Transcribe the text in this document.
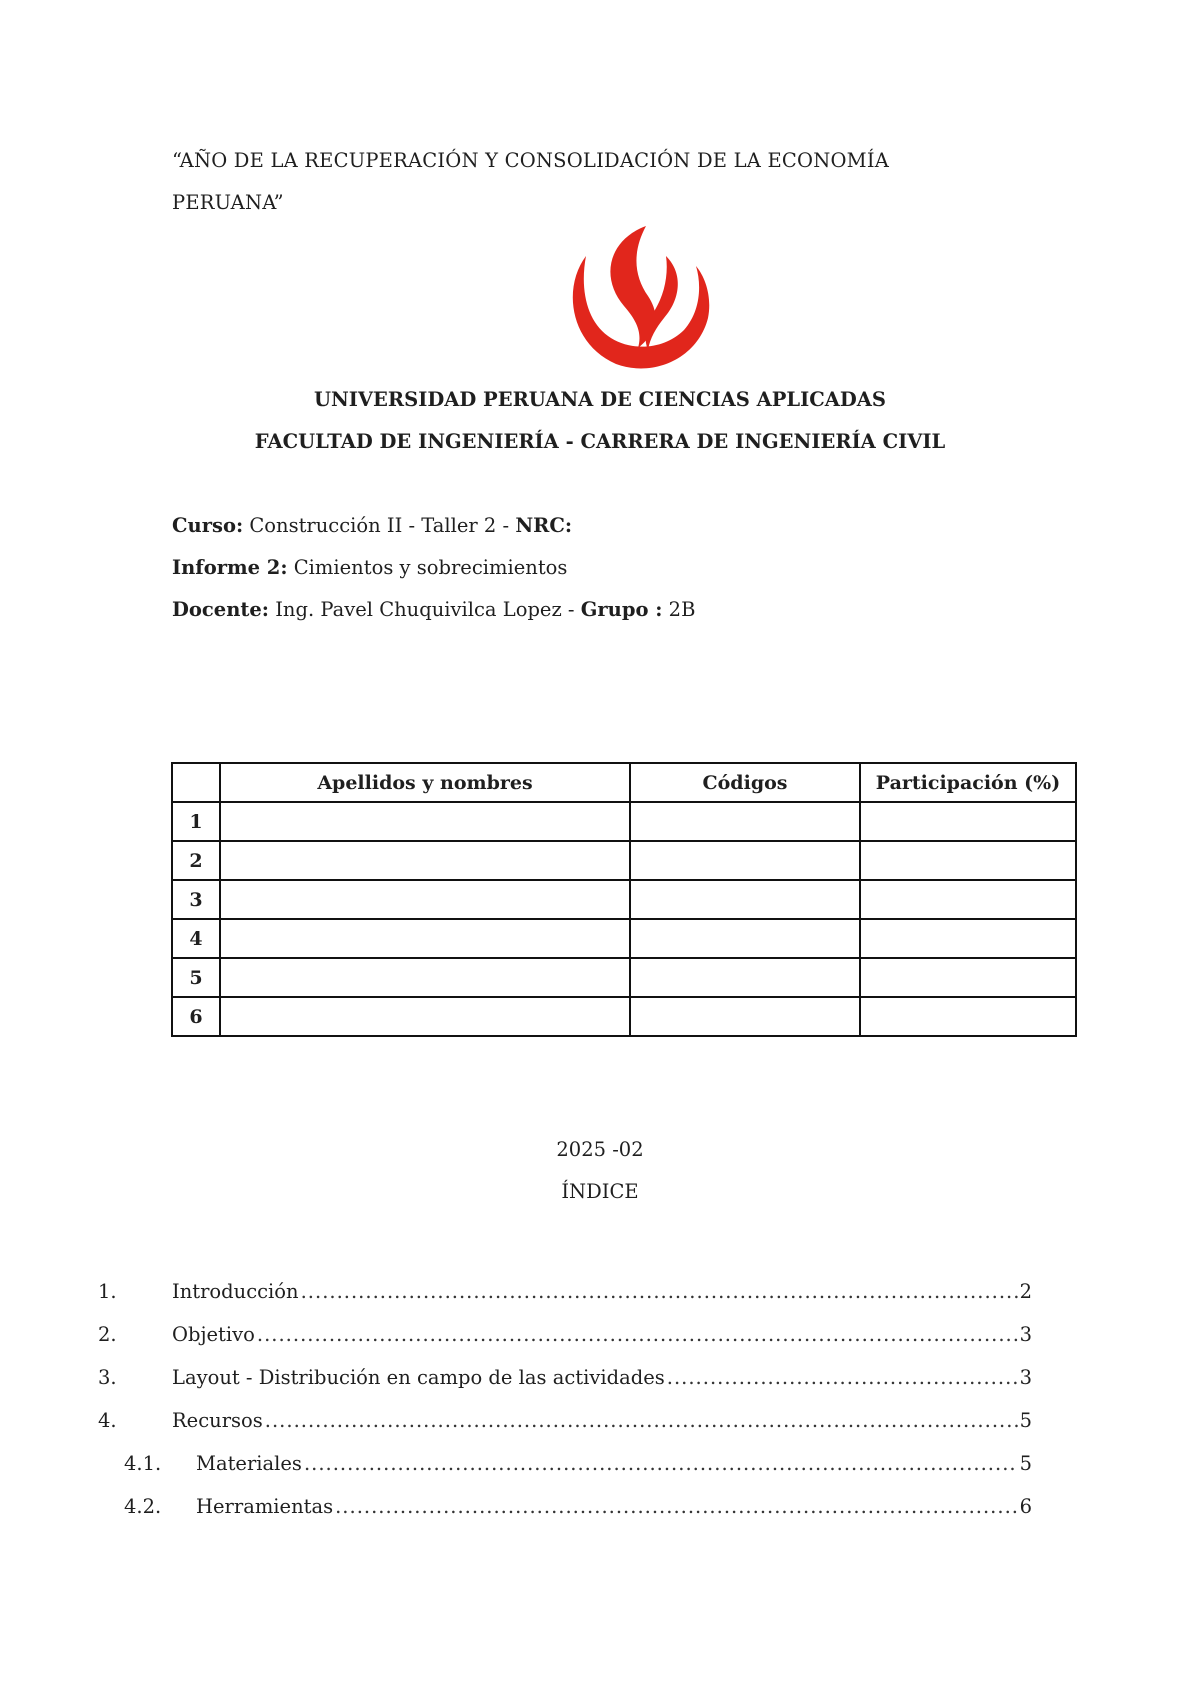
“AÑO DE LA RECUPERACIÓN Y CONSOLIDACIÓN DE LA ECONOMÍA
PERUANA”
UNIVERSIDAD PERUANA DE CIENCIAS APLICADAS
FACULTAD DE INGENIERÍA - CARRERA DE INGENIERÍA CIVIL
Curso: Construcción II - Taller 2 - NRC:
Informe 2: Cimientos y sobrecimientos
Docente: Ing. Pavel Chuquivilca Lopez - Grupo : 2B
	Apellidos y nombres	Códigos	Participación (%)
1			
2			
3			
4			
5			
6			
2025 -02
ÍNDICE
1.	Introducción .....	2
2.	Objetivo .....	3
3.	Layout - Distribución en campo de las actividades .....	3
4.	Recursos .....	5
4.1. Materiales .....	5
4.2. Herramientas .....	6
